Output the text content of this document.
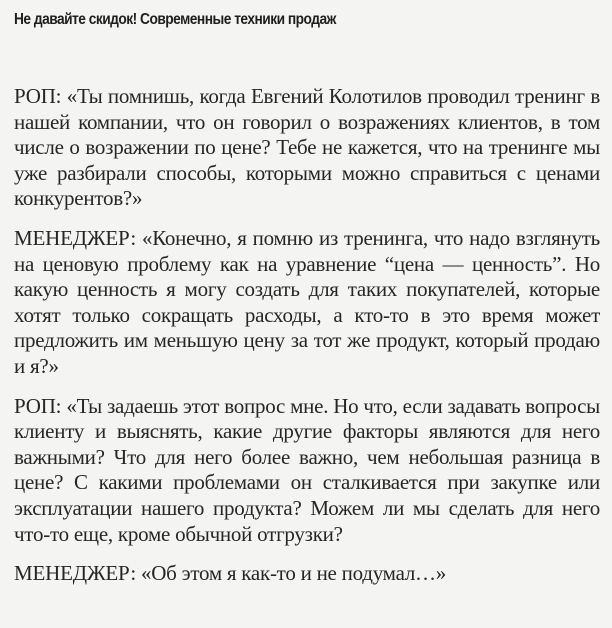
Не давайте скидок! Современные техники продаж

РОП: «Ты помнишь, когда Евгений Колотилов проводил тренинг в нашей компании, что он говорил о возражениях клиентов, в том числе о возражении по цене? Тебе не кажется, что на тренинге мы уже разбирали способы, которыми можно справиться с ценами конкурентов?»

МЕНЕДЖЕР: «Конечно, я помню из тренинга, что надо взглянуть на ценовую проблему как на уравнение “цена — ценность”. Но какую ценность я могу создать для таких покупателей, которые хотят только сокращать расходы, а кто-то в это время может предложить им меньшую цену за тот же продукт, который продаю и я?»

РОП: «Ты задаешь этот вопрос мне. Но что, если задавать вопросы клиенту и выяснять, какие другие факторы являются для него важными? Что для него более важно, чем небольшая разница в цене? С какими проблемами он сталкивается при закупке или эксплуатации нашего продукта? Можем ли мы сделать для него что-то еще, кроме обычной отгрузки?

МЕНЕДЖЕР: «Об этом я как-то и не подумал…»
